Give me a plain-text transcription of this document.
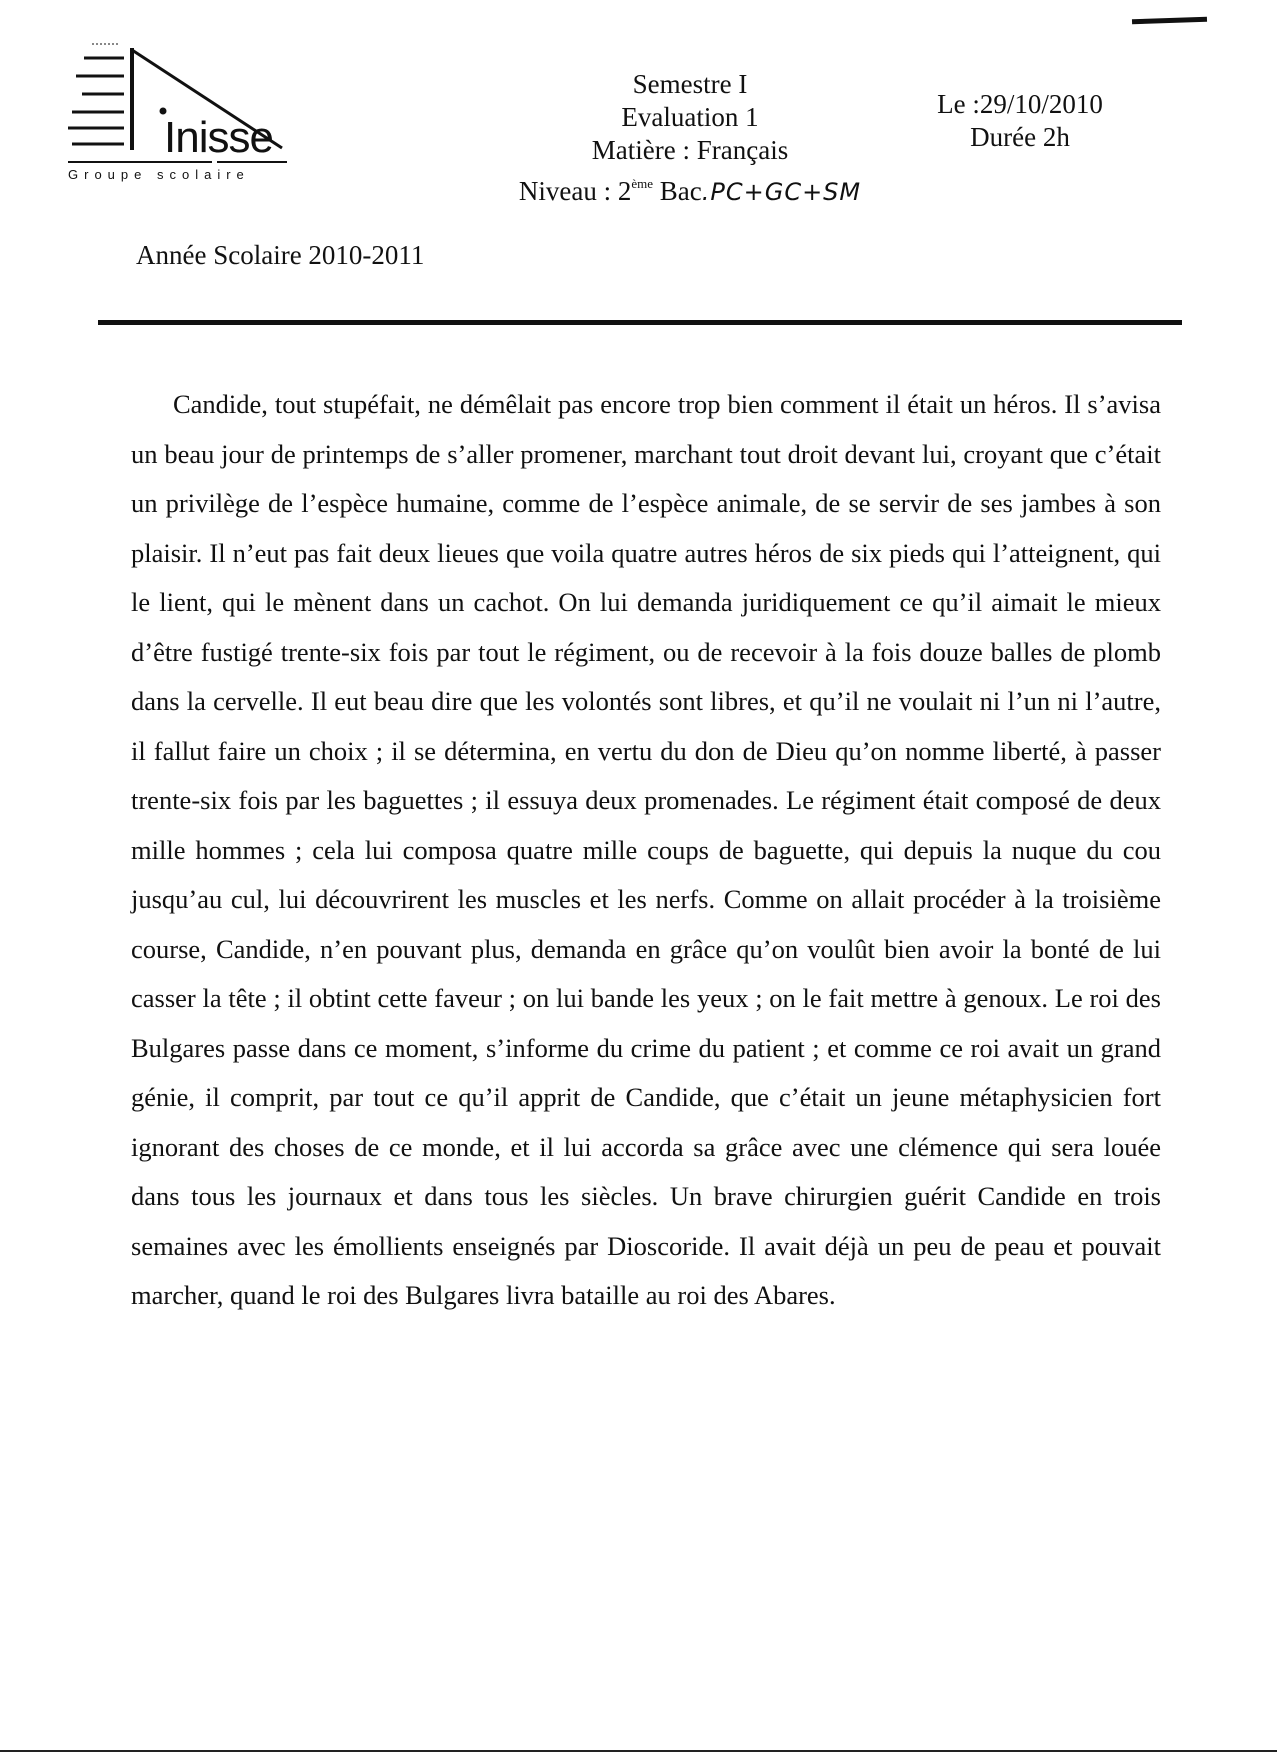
Inisse
Groupe scolaire
Semestre I
Evaluation 1
Matière : Français
Niveau : 2ème Bac.PC+GC+SM
Le :29/10/2010
Durée 2h
Année Scolaire 2010-2011

Candide, tout stupéfait, ne démêlait pas encore trop bien comment il était un héros. Il s’avisa un beau jour de printemps de s’aller promener, marchant tout droit devant lui, croyant que c’était un privilège de l’espèce humaine, comme de l’espèce animale, de se servir de ses jambes à son plaisir. Il n’eut pas fait deux lieues que voila quatre autres héros de six pieds qui l’atteignent, qui le lient, qui le mènent dans un cachot. On lui demanda juridiquement ce qu’il aimait le mieux d’être fustigé trente-six fois par tout le régiment, ou de recevoir à la fois douze balles de plomb dans la cervelle. Il eut beau dire que les volontés sont libres, et qu’il ne voulait ni l’un ni l’autre, il fallut faire un choix ; il se détermina, en vertu du don de Dieu qu’on nomme liberté, à passer trente-six fois par les baguettes ; il essuya deux promenades. Le régiment était composé de deux mille hommes ; cela lui composa quatre mille coups de baguette, qui depuis la nuque du cou jusqu’au cul, lui découvrirent les muscles et les nerfs. Comme on allait procéder à la troisième course, Candide, n’en pouvant plus, demanda en grâce qu’on voulût bien avoir la bonté de lui casser la tête ; il obtint cette faveur ; on lui bande les yeux ; on le fait mettre à genoux. Le roi des Bulgares passe dans ce moment, s’informe du crime du patient ; et comme ce roi avait un grand génie, il comprit, par tout ce qu’il apprit de Candide, que c’était un jeune métaphysicien fort ignorant des choses de ce monde, et il lui accorda sa grâce avec une clémence qui sera louée dans tous les journaux et dans tous les siècles. Un brave chirurgien guérit Candide en trois semaines avec les émollients enseignés par Dioscoride. Il avait déjà un peu de peau et pouvait marcher, quand le roi des Bulgares livra bataille au roi des Abares.
